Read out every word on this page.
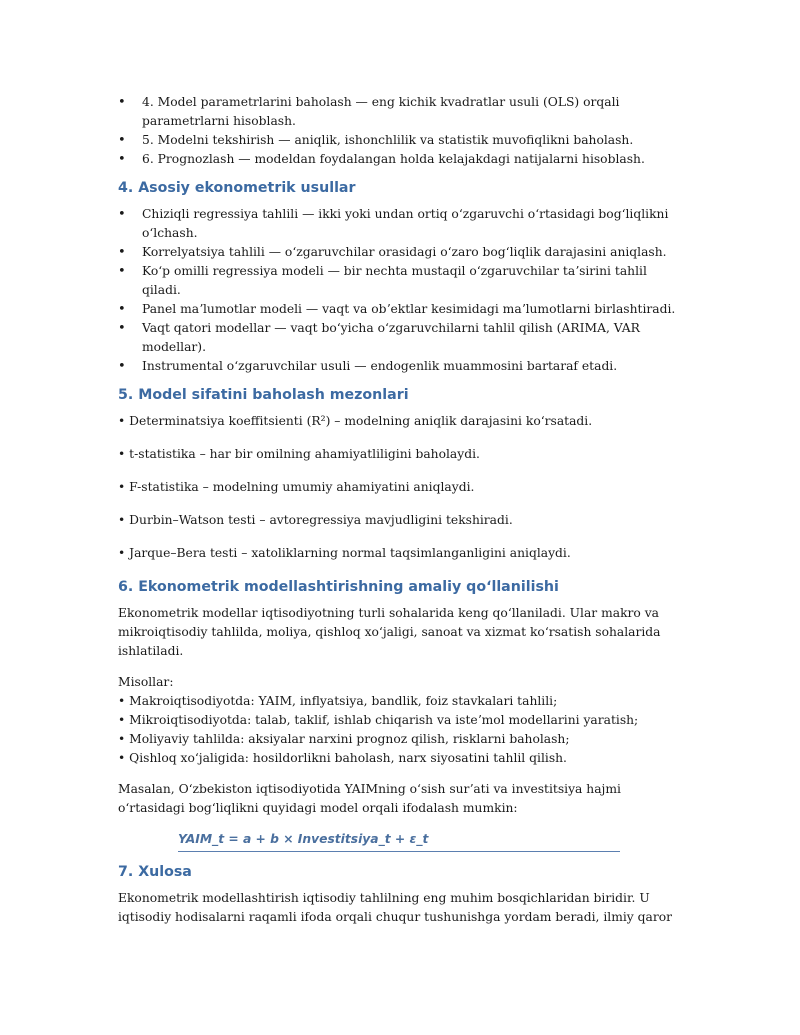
• 4. Model parametrlarini baholash — eng kichik kvadratlar usuli (OLS) orqali parametrlarni hisoblash.
• 5. Modelni tekshirish — aniqlik, ishonchlilik va statistik muvofiqlikni baholash.
• 6. Prognozlash — modeldan foydalangan holda kelajakdagi natijalarni hisoblash.
4. Asosiy ekonometrik usullar
• Chiziqli regressiya tahlili — ikki yoki undan ortiq oʻzgaruvchi oʻrtasidagi bogʻliqlikni oʻlchash.
• Korrelyatsiya tahlili — oʻzgaruvchilar orasidagi oʻzaro bogʻliqlik darajasini aniqlash.
• Koʻp omilli regressiya modeli — bir nechta mustaqil oʻzgaruvchilar taʼsirini tahlil qiladi.
• Panel maʼlumotlar modeli — vaqt va obʼektlar kesimidagi maʼlumotlarni birlashtiradi.
• Vaqt qatori modellar — vaqt boʻyicha oʻzgaruvchilarni tahlil qilish (ARIMA, VAR modellar).
• Instrumental oʻzgaruvchilar usuli — endogenlik muammosini bartaraf etadi.
5. Model sifatini baholash mezonlari
• Determinatsiya koeffitsienti (R²) – modelning aniqlik darajasini koʻrsatadi.
• t-statistika – har bir omilning ahamiyatliligini baholaydi.
• F-statistika – modelning umumiy ahamiyatini aniqlaydi.
• Durbin–Watson testi – avtoregressiya mavjudligini tekshiradi.
• Jarque–Bera testi – xatoliklarning normal taqsimlanganligini aniqlaydi.
6. Ekonometrik modellashtirishning amaliy qoʻllanilishi

Ekonometrik modellar iqtisodiyotning turli sohalarida keng qoʻllaniladi. Ular makro va mikroiqtisodiy tahlilda, moliya, qishloq xoʻjaligi, sanoat va xizmat koʻrsatish sohalarida ishlatiladi.

Misollar:
• Makroiqtisodiyotda: YAIM, inflyatsiya, bandlik, foiz stavkalari tahlili;
• Mikroiqtisodiyotda: talab, taklif, ishlab chiqarish va isteʼmol modellarini yaratish;
• Moliyaviy tahlilda: aksiyalar narxini prognoz qilish, risklarni baholash;
• Qishloq xoʻjaligida: hosildorlikni baholash, narx siyosatini tahlil qilish.

Masalan, Oʻzbekiston iqtisodiyotida YAIMning oʻsish surʼati va investitsiya hajmi oʻrtasidagi bogʻliqlikni quyidagi model orqali ifodalash mumkin:

YAIM_t = a + b × Investitsiya_t + ε_t
7. Xulosa

Ekonometrik modellashtirish iqtisodiy tahlilning eng muhim bosqichlaridan biridir. U iqtisodiy hodisalarni raqamli ifoda orqali chuqur tushunishga yordam beradi, ilmiy qaror
